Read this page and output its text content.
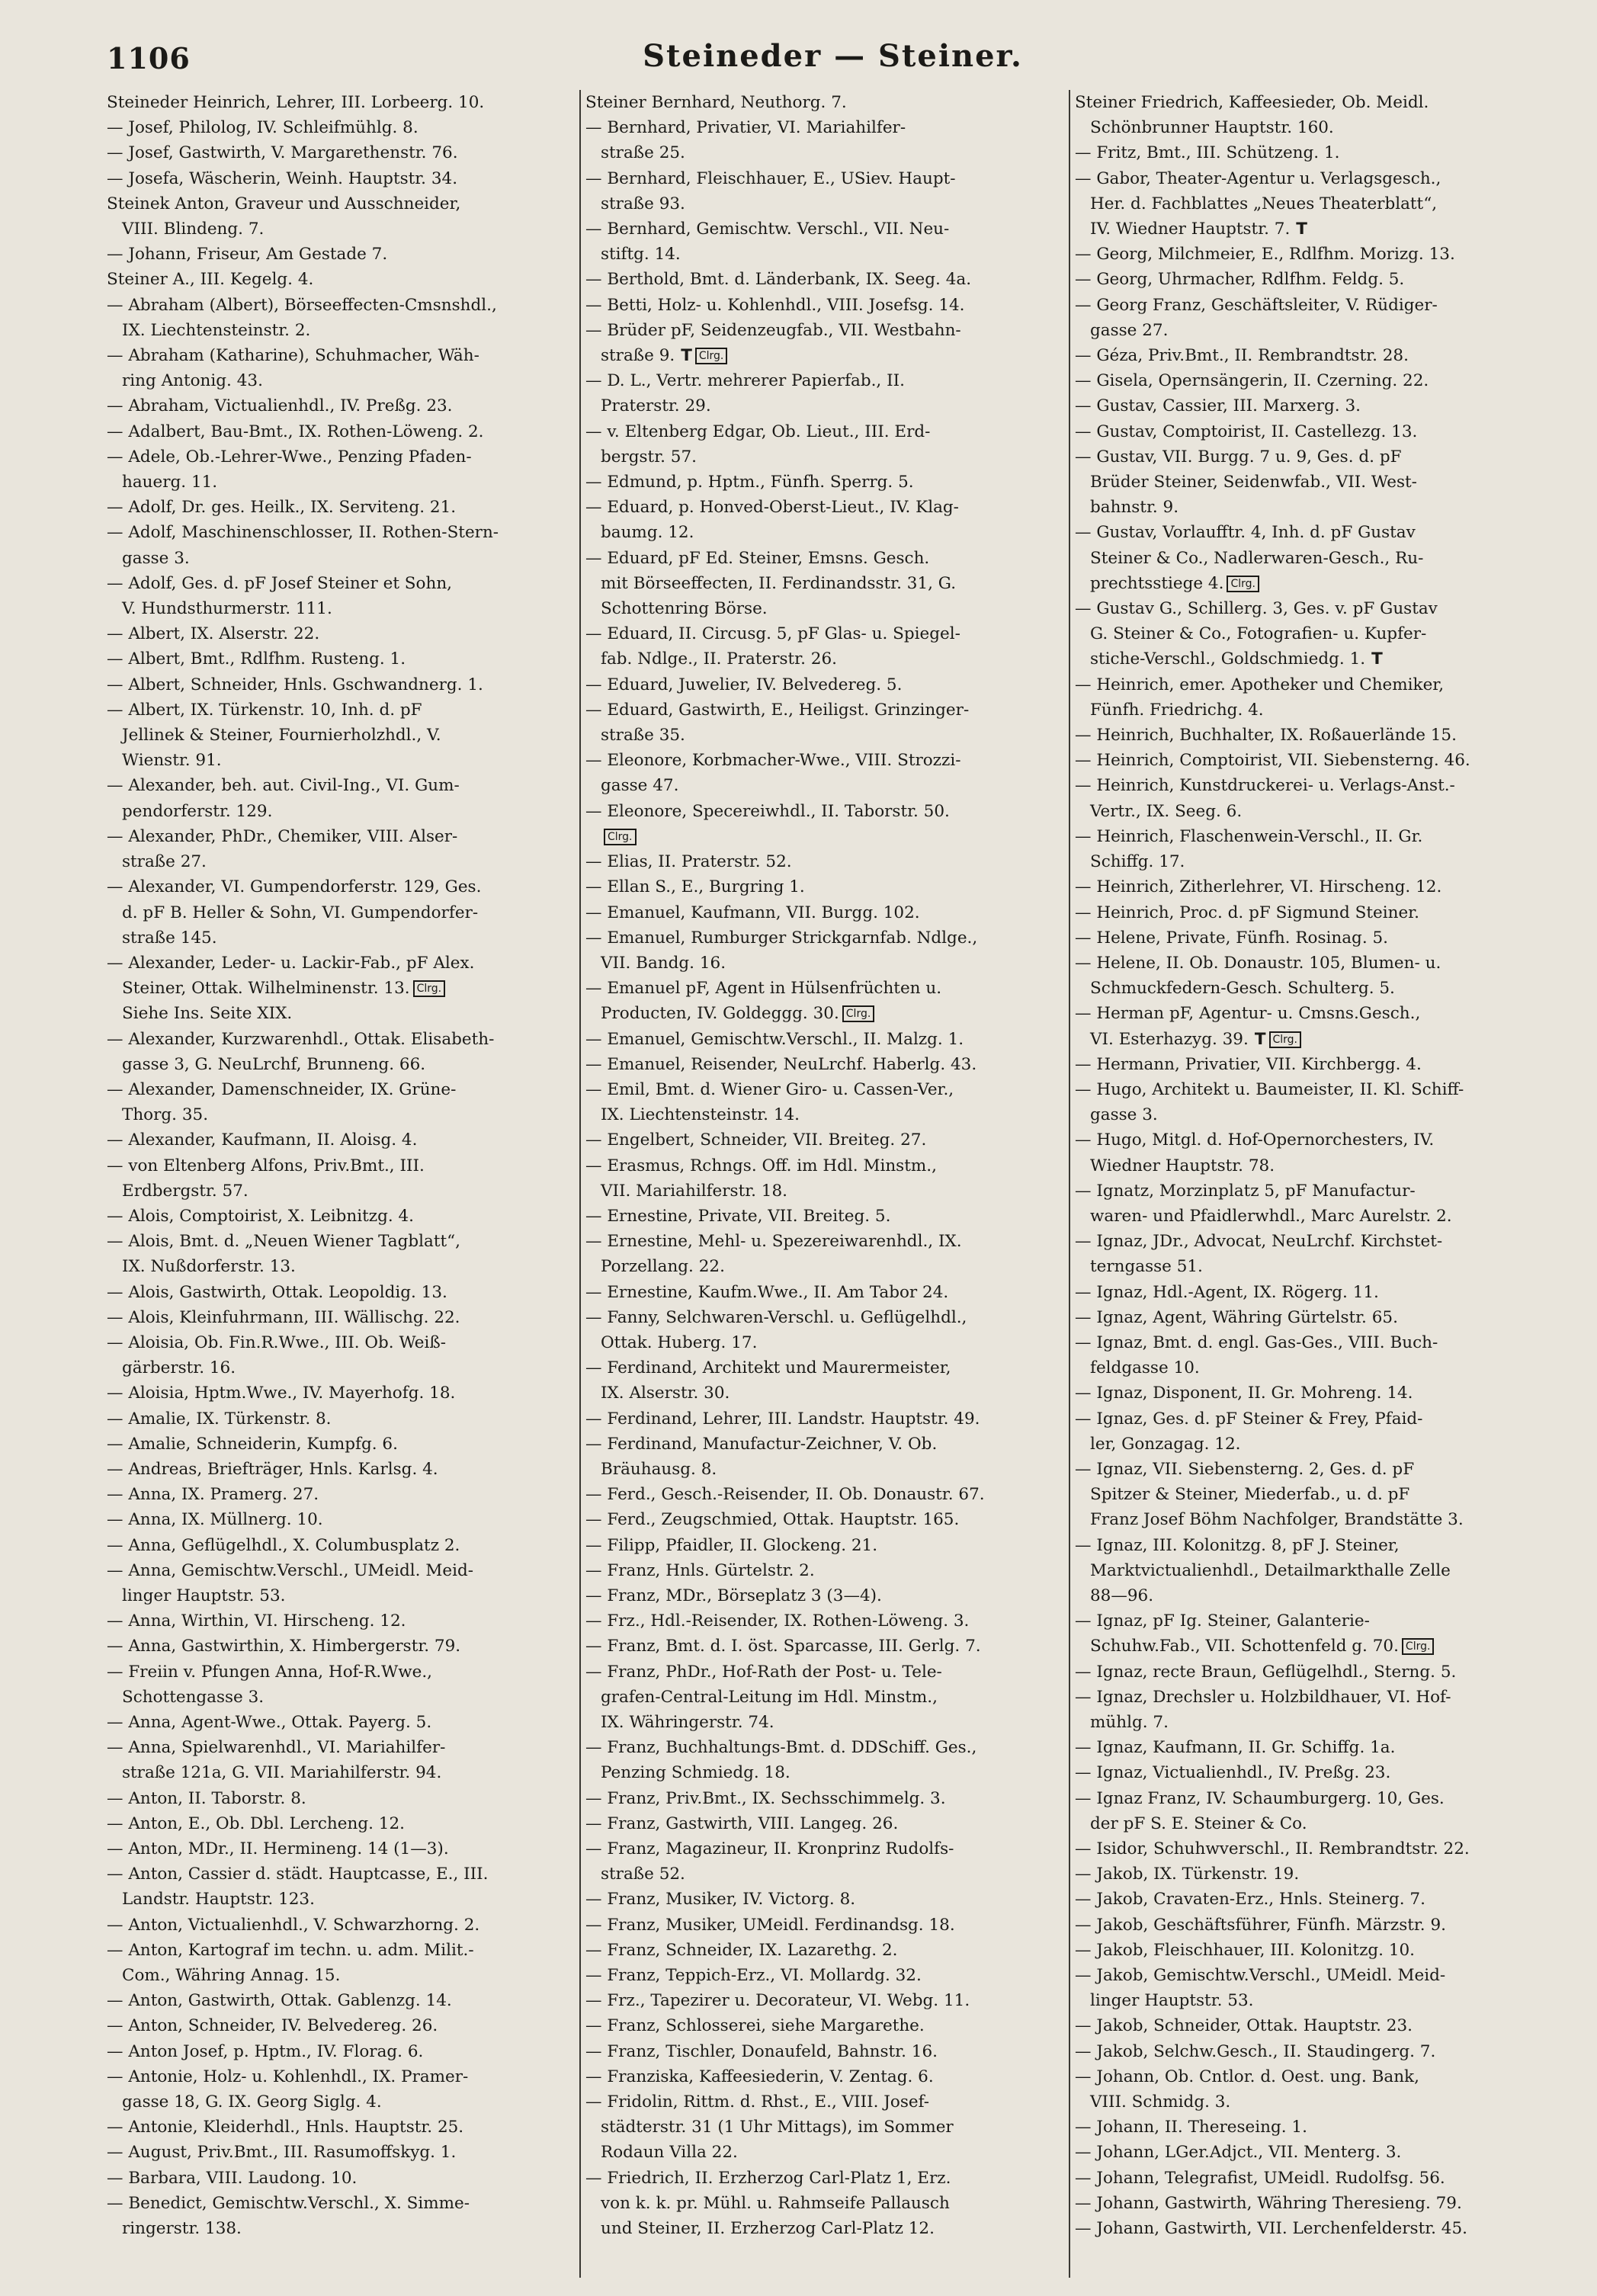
1106	Steineder — Steiner.
Steineder Heinrich, Lehrer, III. Lorbeerg. 10.
— Josef, Philolog, IV. Schleifmühlg. 8.
— Josef, Gastwirth, V. Margarethenstr. 76.
— Josefa, Wäscherin, Weinh. Hauptstr. 34.
Steinek Anton, Graveur und Ausschneider,
VIII. Blindeng. 7.
— Johann, Friseur, Am Gestade 7.
Steiner A., III. Kegelg. 4.
— Abraham (Albert), Börseeffecten-Cmsnshdl.,
IX. Liechtensteinstr. 2.
— Abraham (Katharine), Schuhmacher, Wäh-
ring Antonig. 43.
— Abraham, Victualienhdl., IV. Preßg. 23.
— Adalbert, Bau-Bmt., IX. Rothen-Löweng. 2.
— Adele, Ob.-Lehrer-Wwe., Penzing Pfaden-
hauerg. 11.
— Adolf, Dr. ges. Heilk., IX. Serviteng. 21.
— Adolf, Maschinenschlosser, II. Rothen-Stern-
gasse 3.
— Adolf, Ges. d. pF Josef Steiner et Sohn,
V. Hundsthurmerstr. 111.
— Albert, IX. Alserstr. 22.
— Albert, Bmt., Rdlfhm. Rusteng. 1.
— Albert, Schneider, Hnls. Gschwandnerg. 1.
— Albert, IX. Türkenstr. 10, Inh. d. pF
Jellinek & Steiner, Fournierholzhdl., V.
Wienstr. 91.
— Alexander, beh. aut. Civil-Ing., VI. Gum-
pendorferstr. 129.
— Alexander, PhDr., Chemiker, VIII. Alser-
straße 27.
— Alexander, VI. Gumpendorferstr. 129, Ges.
d. pF B. Heller & Sohn, VI. Gumpendorfer-
straße 145.
— Alexander, Leder- u. Lackir-Fab., pF Alex.
Steiner, Ottak. Wilhelminenstr. 13. Clrg.
Siehe Ins. Seite XIX.
— Alexander, Kurzwarenhdl., Ottak. Elisabeth-
gasse 3, G. NeuLrchf, Brunneng. 66.
— Alexander, Damenschneider, IX. Grüne-
Thorg. 35.
— Alexander, Kaufmann, II. Aloisg. 4.
— von Eltenberg Alfons, Priv.Bmt., III.
Erdbergstr. 57.
— Alois, Comptoirist, X. Leibnitzg. 4.
— Alois, Bmt. d. „Neuen Wiener Tagblatt“,
IX. Nußdorferstr. 13.
— Alois, Gastwirth, Ottak. Leopoldig. 13.
— Alois, Kleinfuhrmann, III. Wällischg. 22.
— Aloisia, Ob. Fin.R.Wwe., III. Ob. Weiß-
gärberstr. 16.
— Aloisia, Hptm.Wwe., IV. Mayerhofg. 18.
— Amalie, IX. Türkenstr. 8.
— Amalie, Schneiderin, Kumpfg. 6.
— Andreas, Briefträger, Hnls. Karlsg. 4.
— Anna, IX. Pramerg. 27.
— Anna, IX. Müllnerg. 10.
— Anna, Geflügelhdl., X. Columbusplatz 2.
— Anna, Gemischtw.Verschl., UMeidl. Meid-
linger Hauptstr. 53.
— Anna, Wirthin, VI. Hirscheng. 12.
— Anna, Gastwirthin, X. Himbergerstr. 79.
— Freiin v. Pfungen Anna, Hof-R.Wwe.,
Schottengasse 3.
— Anna, Agent-Wwe., Ottak. Payerg. 5.
— Anna, Spielwarenhdl., VI. Mariahilfer-
straße 121a, G. VII. Mariahilferstr. 94.
— Anton, II. Taborstr. 8.
— Anton, E., Ob. Dbl. Lercheng. 12.
— Anton, MDr., II. Hermineng. 14 (1—3).
— Anton, Cassier d. städt. Hauptcasse, E., III.
Landstr. Hauptstr. 123.
— Anton, Victualienhdl., V. Schwarzhorng. 2.
— Anton, Kartograf im techn. u. adm. Milit.-
Com., Währing Annag. 15.
— Anton, Gastwirth, Ottak. Gablenzg. 14.
— Anton, Schneider, IV. Belvedereg. 26.
— Anton Josef, p. Hptm., IV. Florag. 6.
— Antonie, Holz- u. Kohlenhdl., IX. Pramer-
gasse 18, G. IX. Georg Siglg. 4.
— Antonie, Kleiderhdl., Hnls. Hauptstr. 25.
— August, Priv.Bmt., III. Rasumoffskyg. 1.
— Barbara, VIII. Laudong. 10.
— Benedict, Gemischtw.Verschl., X. Simme-
ringerstr. 138.
Steiner Bernhard, Neuthorg. 7.
— Bernhard, Privatier, VI. Mariahilfer-
straße 25.
— Bernhard, Fleischhauer, E., USiev. Haupt-
straße 93.
— Bernhard, Gemischtw. Verschl., VII. Neu-
stiftg. 14.
— Berthold, Bmt. d. Länderbank, IX. Seeg. 4a.
— Betti, Holz- u. Kohlenhdl., VIII. Josefsg. 14.
— Brüder pF, Seidenzeugfab., VII. Westbahn-
straße 9. T Clrg.
— D. L., Vertr. mehrerer Papierfab., II.
Praterstr. 29.
— v. Eltenberg Edgar, Ob. Lieut., III. Erd-
bergstr. 57.
— Edmund, p. Hptm., Fünfh. Sperrg. 5.
— Eduard, p. Honved-Oberst-Lieut., IV. Klag-
baumg. 12.
— Eduard, pF Ed. Steiner, Emsns. Gesch.
mit Börseeffecten, II. Ferdinandsstr. 31, G.
Schottenring Börse.
— Eduard, II. Circusg. 5, pF Glas- u. Spiegel-
fab. Ndlge., II. Praterstr. 26.
— Eduard, Juwelier, IV. Belvedereg. 5.
— Eduard, Gastwirth, E., Heiligst. Grinzinger-
straße 35.
— Eleonore, Korbmacher-Wwe., VIII. Strozzi-
gasse 47.
— Eleonore, Specereiwhdl., II. Taborstr. 50.
Clrg.
— Elias, II. Praterstr. 52.
— Ellan S., E., Burgring 1.
— Emanuel, Kaufmann, VII. Burgg. 102.
— Emanuel, Rumburger Strickgarnfab. Ndlge.,
VII. Bandg. 16.
— Emanuel pF, Agent in Hülsenfrüchten u.
Producten, IV. Goldeggg. 30. Clrg.
— Emanuel, Gemischtw.Verschl., II. Malzg. 1.
— Emanuel, Reisender, NeuLrchf. Haberlg. 43.
— Emil, Bmt. d. Wiener Giro- u. Cassen-Ver.,
IX. Liechtensteinstr. 14.
— Engelbert, Schneider, VII. Breiteg. 27.
— Erasmus, Rchngs. Off. im Hdl. Minstm.,
VII. Mariahilferstr. 18.
— Ernestine, Private, VII. Breiteg. 5.
— Ernestine, Mehl- u. Spezereiwarenhdl., IX.
Porzellang. 22.
— Ernestine, Kaufm.Wwe., II. Am Tabor 24.
— Fanny, Selchwaren-Verschl. u. Geflügelhdl.,
Ottak. Huberg. 17.
— Ferdinand, Architekt und Maurermeister,
IX. Alserstr. 30.
— Ferdinand, Lehrer, III. Landstr. Hauptstr. 49.
— Ferdinand, Manufactur-Zeichner, V. Ob.
Bräuhausg. 8.
— Ferd., Gesch.-Reisender, II. Ob. Donaustr. 67.
— Ferd., Zeugschmied, Ottak. Hauptstr. 165.
— Filipp, Pfaidler, II. Glockeng. 21.
— Franz, Hnls. Gürtelstr. 2.
— Franz, MDr., Börseplatz 3 (3—4).
— Frz., Hdl.-Reisender, IX. Rothen-Löweng. 3.
— Franz, Bmt. d. I. öst. Sparcasse, III. Gerlg. 7.
— Franz, PhDr., Hof-Rath der Post- u. Tele-
grafen-Central-Leitung im Hdl. Minstm.,
IX. Währingerstr. 74.
— Franz, Buchhaltungs-Bmt. d. DDSchiff. Ges.,
Penzing Schmiedg. 18.
— Franz, Priv.Bmt., IX. Sechsschimmelg. 3.
— Franz, Gastwirth, VIII. Langeg. 26.
— Franz, Magazineur, II. Kronprinz Rudolfs-
straße 52.
— Franz, Musiker, IV. Victorg. 8.
— Franz, Musiker, UMeidl. Ferdinandsg. 18.
— Franz, Schneider, IX. Lazarethg. 2.
— Franz, Teppich-Erz., VI. Mollardg. 32.
— Frz., Tapezirer u. Decorateur, VI. Webg. 11.
— Franz, Schlosserei, siehe Margarethe.
— Franz, Tischler, Donaufeld, Bahnstr. 16.
— Franziska, Kaffeesiederin, V. Zentag. 6.
— Fridolin, Rittm. d. Rhst., E., VIII. Josef-
städterstr. 31 (1 Uhr Mittags), im Sommer
Rodaun Villa 22.
— Friedrich, II. Erzherzog Carl-Platz 1, Erz.
von k. k. pr. Mühl. u. Rahmseife Pallausch
und Steiner, II. Erzherzog Carl-Platz 12.
Steiner Friedrich, Kaffeesieder, Ob. Meidl.
Schönbrunner Hauptstr. 160.
— Fritz, Bmt., III. Schützeng. 1.
— Gabor, Theater-Agentur u. Verlagsgesch.,
Her. d. Fachblattes „Neues Theaterblatt“,
IV. Wiedner Hauptstr. 7. T
— Georg, Milchmeier, E., Rdlfhm. Morizg. 13.
— Georg, Uhrmacher, Rdlfhm. Feldg. 5.
— Georg Franz, Geschäftsleiter, V. Rüdiger-
gasse 27.
— Géza, Priv.Bmt., II. Rembrandtstr. 28.
— Gisela, Opernsängerin, II. Czerning. 22.
— Gustav, Cassier, III. Marxerg. 3.
— Gustav, Comptoirist, II. Castellezg. 13.
— Gustav, VII. Burgg. 7 u. 9, Ges. d. pF
Brüder Steiner, Seidenwfab., VII. West-
bahnstr. 9.
— Gustav, Vorlaufftr. 4, Inh. d. pF Gustav
Steiner & Co., Nadlerwaren-Gesch., Ru-
prechtsstiege 4. Clrg.
— Gustav G., Schillerg. 3, Ges. v. pF Gustav
G. Steiner & Co., Fotografien- u. Kupfer-
stiche-Verschl., Goldschmiedg. 1. T
— Heinrich, emer. Apotheker und Chemiker,
Fünfh. Friedrichg. 4.
— Heinrich, Buchhalter, IX. Roßauerlände 15.
— Heinrich, Comptoirist, VII. Siebensterng. 46.
— Heinrich, Kunstdruckerei- u. Verlags-Anst.-
Vertr., IX. Seeg. 6.
— Heinrich, Flaschenwein-Verschl., II. Gr.
Schiffg. 17.
— Heinrich, Zitherlehrer, VI. Hirscheng. 12.
— Heinrich, Proc. d. pF Sigmund Steiner.
— Helene, Private, Fünfh. Rosinag. 5.
— Helene, II. Ob. Donaustr. 105, Blumen- u.
Schmuckfedern-Gesch. Schulterg. 5.
— Herman pF, Agentur- u. Cmsns.Gesch.,
VI. Esterhazyg. 39. T Clrg.
— Hermann, Privatier, VII. Kirchbergg. 4.
— Hugo, Architekt u. Baumeister, II. Kl. Schiff-
gasse 3.
— Hugo, Mitgl. d. Hof-Opernorchesters, IV.
Wiedner Hauptstr. 78.
— Ignatz, Morzinplatz 5, pF Manufactur-
waren- und Pfaidlerwhdl., Marc Aurelstr. 2.
— Ignaz, JDr., Advocat, NeuLrchf. Kirchstet-
terngasse 51.
— Ignaz, Hdl.-Agent, IX. Rögerg. 11.
— Ignaz, Agent, Währing Gürtelstr. 65.
— Ignaz, Bmt. d. engl. Gas-Ges., VIII. Buch-
feldgasse 10.
— Ignaz, Disponent, II. Gr. Mohreng. 14.
— Ignaz, Ges. d. pF Steiner & Frey, Pfaid-
ler, Gonzagag. 12.
— Ignaz, VII. Siebensterng. 2, Ges. d. pF
Spitzer & Steiner, Miederfab., u. d. pF
Franz Josef Böhm Nachfolger, Brandstätte 3.
— Ignaz, III. Kolonitzg. 8, pF J. Steiner,
Marktvictualienhdl., Detailmarkthalle Zelle
88—96.
— Ignaz, pF Ig. Steiner, Galanterie-
Schuhw.Fab., VII. Schottenfeld g. 70. Clrg.
— Ignaz, recte Braun, Geflügelhdl., Sterng. 5.
— Ignaz, Drechsler u. Holzbildhauer, VI. Hof-
mühlg. 7.
— Ignaz, Kaufmann, II. Gr. Schiffg. 1a.
— Ignaz, Victualienhdl., IV. Preßg. 23.
— Ignaz Franz, IV. Schaumburgerg. 10, Ges.
der pF S. E. Steiner & Co.
— Isidor, Schuhwverschl., II. Rembrandtstr. 22.
— Jakob, IX. Türkenstr. 19.
— Jakob, Cravaten-Erz., Hnls. Steinerg. 7.
— Jakob, Geschäftsführer, Fünfh. Märzstr. 9.
— Jakob, Fleischhauer, III. Kolonitzg. 10.
— Jakob, Gemischtw.Verschl., UMeidl. Meid-
linger Hauptstr. 53.
— Jakob, Schneider, Ottak. Hauptstr. 23.
— Jakob, Selchw.Gesch., II. Staudingerg. 7.
— Johann, Ob. Cntlor. d. Oest. ung. Bank,
VIII. Schmidg. 3.
— Johann, II. Thereseing. 1.
— Johann, LGer.Adjct., VII. Menterg. 3.
— Johann, Telegrafist, UMeidl. Rudolfsg. 56.
— Johann, Gastwirth, Währing Theresieng. 79.
— Johann, Gastwirth, VII. Lerchenfelderstr. 45.
